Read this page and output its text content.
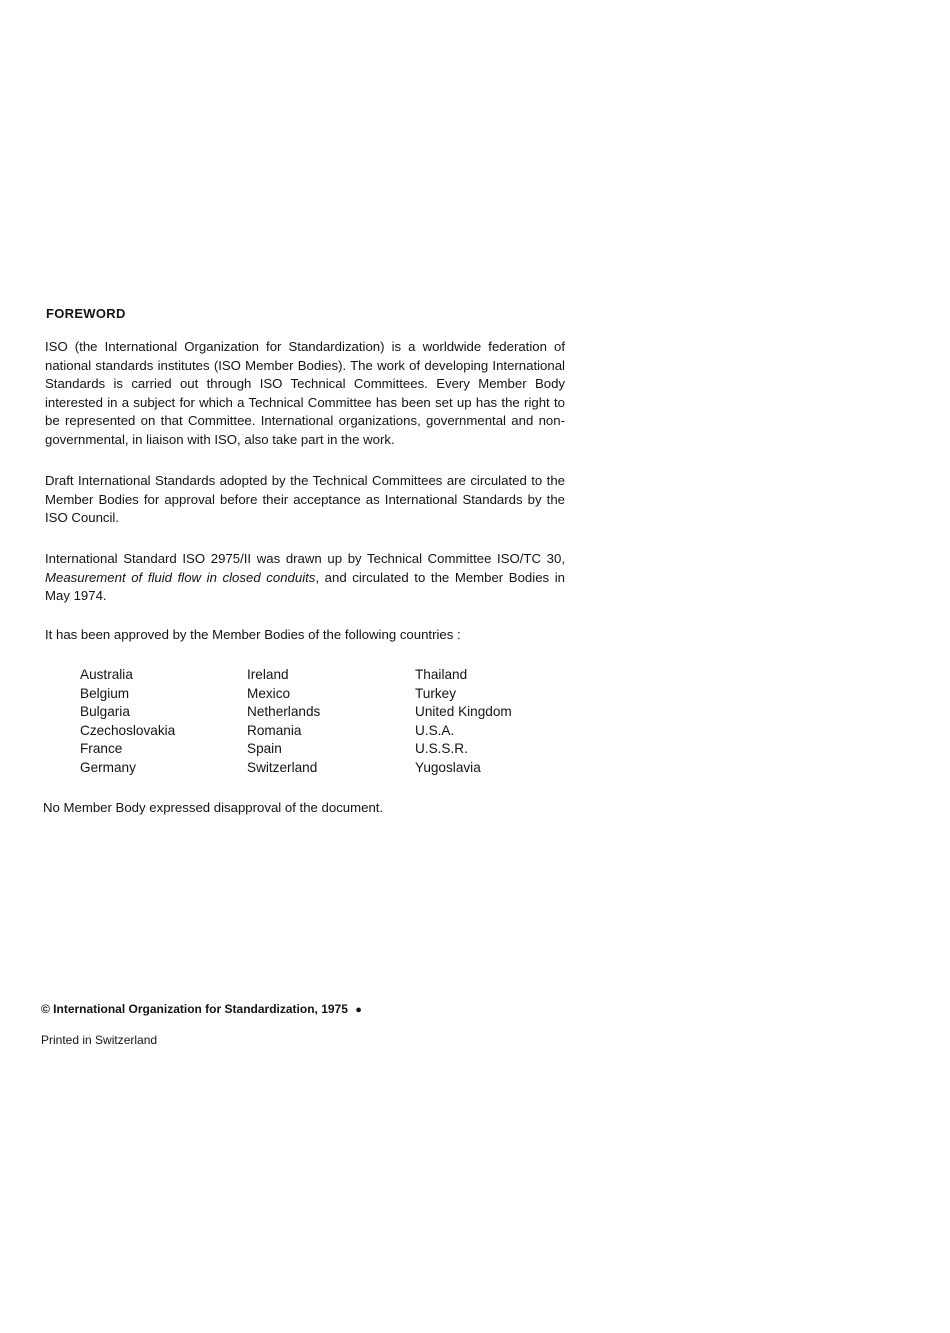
FOREWORD
ISO (the International Organization for Standardization) is a worldwide federation of national standards institutes (ISO Member Bodies). The work of developing International Standards is carried out through ISO Technical Committees. Every Member Body interested in a subject for which a Technical Committee has been set up has the right to be represented on that Committee. International organizations, governmental and non-governmental, in liaison with ISO, also take part in the work.
Draft International Standards adopted by the Technical Committees are circulated to the Member Bodies for approval before their acceptance as International Standards by the ISO Council.
International Standard ISO 2975/II was drawn up by Technical Committee ISO/TC 30, Measurement of fluid flow in closed conduits, and circulated to the Member Bodies in May 1974.
It has been approved by the Member Bodies of the following countries :
Australia
Belgium
Bulgaria
Czechoslovakia
France
Germany
Ireland
Mexico
Netherlands
Romania
Spain
Switzerland
Thailand
Turkey
United Kingdom
U.S.A.
U.S.S.R.
Yugoslavia
No Member Body expressed disapproval of the document.
© International Organization for Standardization, 1975 ●
Printed in Switzerland
